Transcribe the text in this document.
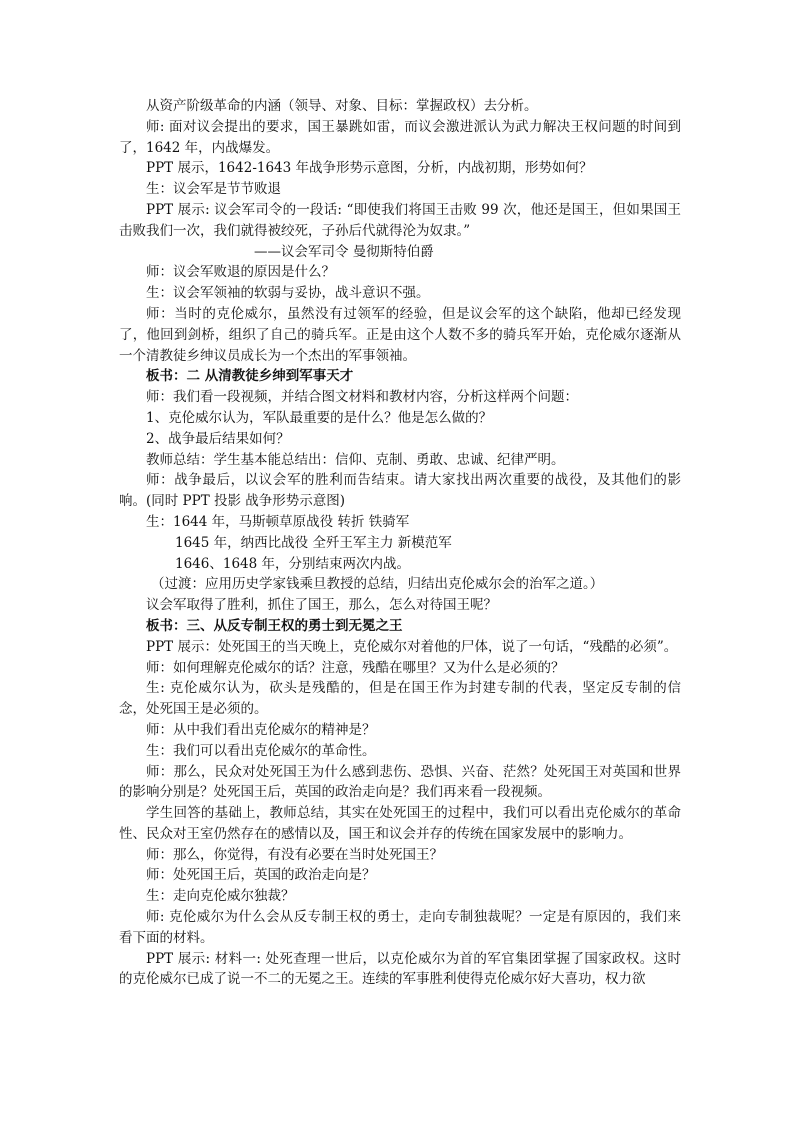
从资产阶级革命的内涵（领导、对象、目标：掌握政权）去分析。

师: 面对议会提出的要求，国王暴跳如雷，而议会激进派认为武力解决王权问题的时间到了，1642 年，内战爆发。

PPT 展示，1642-1643 年战争形势示意图，分析，内战初期，形势如何？

生：议会军是节节败退

PPT 展示: 议会军司令的一段话: “即使我们将国王击败 99 次，他还是国王，但如果国王击败我们一次，我们就得被绞死，子孙后代就得沦为奴隶。”

——议会军司令 曼彻斯特伯爵

师：议会军败退的原因是什么？

生：议会军领袖的软弱与妥协，战斗意识不强。

师：当时的克伦威尔，虽然没有过领军的经验，但是议会军的这个缺陷，他却已经发现了，他回到剑桥，组织了自己的骑兵军。正是由这个人数不多的骑兵军开始，克伦威尔逐渐从一个清教徒乡绅议员成长为一个杰出的军事领袖。

板书：二 从清教徒乡绅到军事天才

师：我们看一段视频，并结合图文材料和教材内容，分析这样两个问题：

1、克伦威尔认为，军队最重要的是什么？他是怎么做的？

2、战争最后结果如何？

教师总结：学生基本能总结出：信仰、克制、勇敢、忠诚、纪律严明。

师：战争最后，以议会军的胜利而告结束。请大家找出两次重要的战役，及其他们的影响。(同时 PPT 投影 战争形势示意图)

生：1644 年，马斯顿草原战役 转折 铁骑军

1645 年，纳西比战役 全歼王军主力 新模范军

1646、1648 年，分别结束两次内战。

（过渡：应用历史学家钱乘旦教授的总结，归结出克伦威尔会的治军之道。）

议会军取得了胜利，抓住了国王，那么，怎么对待国王呢？

板书：三、从反专制王权的勇士到无冕之王

PPT 展示：处死国王的当天晚上，克伦威尔对着他的尸体，说了一句话，“残酷的必须”。

师：如何理解克伦威尔的话？注意，残酷在哪里？又为什么是必须的？

生: 克伦威尔认为，砍头是残酷的，但是在国王作为封建专制的代表，坚定反专制的信念，处死国王是必须的。

师：从中我们看出克伦威尔的精神是？

生：我们可以看出克伦威尔的革命性。

师：那么，民众对处死国王为什么感到悲伤、恐惧、兴奋、茫然？处死国王对英国和世界的影响分别是？处死国王后，英国的政治走向是？我们再来看一段视频。

学生回答的基础上，教师总结，其实在处死国王的过程中，我们可以看出克伦威尔的革命性、民众对王室仍然存在的感情以及，国王和议会并存的传统在国家发展中的影响力。

师：那么，你觉得，有没有必要在当时处死国王？

师：处死国王后，英国的政治走向是？

生：走向克伦威尔独裁？

师: 克伦威尔为什么会从反专制王权的勇士，走向专制独裁呢？一定是有原因的，我们来看下面的材料。

PPT 展示: 材料一: 处死查理一世后，以克伦威尔为首的军官集团掌握了国家政权。这时的克伦威尔已成了说一不二的无冕之王。连续的军事胜利使得克伦威尔好大喜功，权力欲
